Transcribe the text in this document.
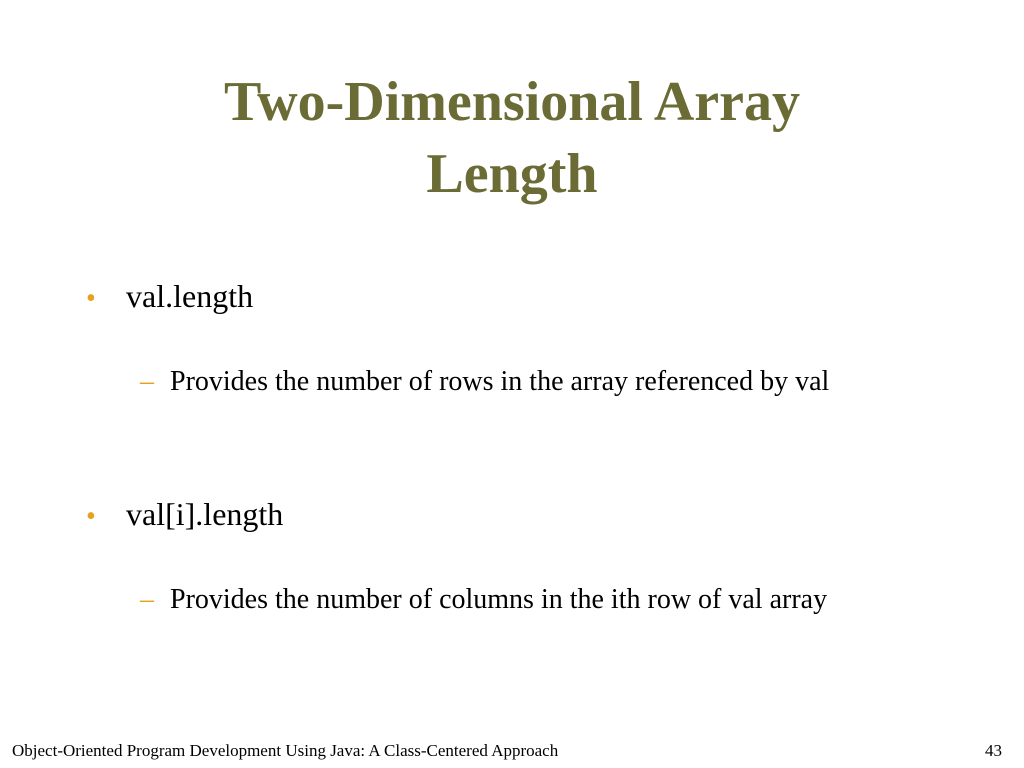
Two-Dimensional Array
Length
• val.length
– Provides the number of rows in the array referenced by val
• val[i].length
– Provides the number of columns in the ith row of val array
Object-Oriented Program Development Using Java: A Class-Centered Approach	43
